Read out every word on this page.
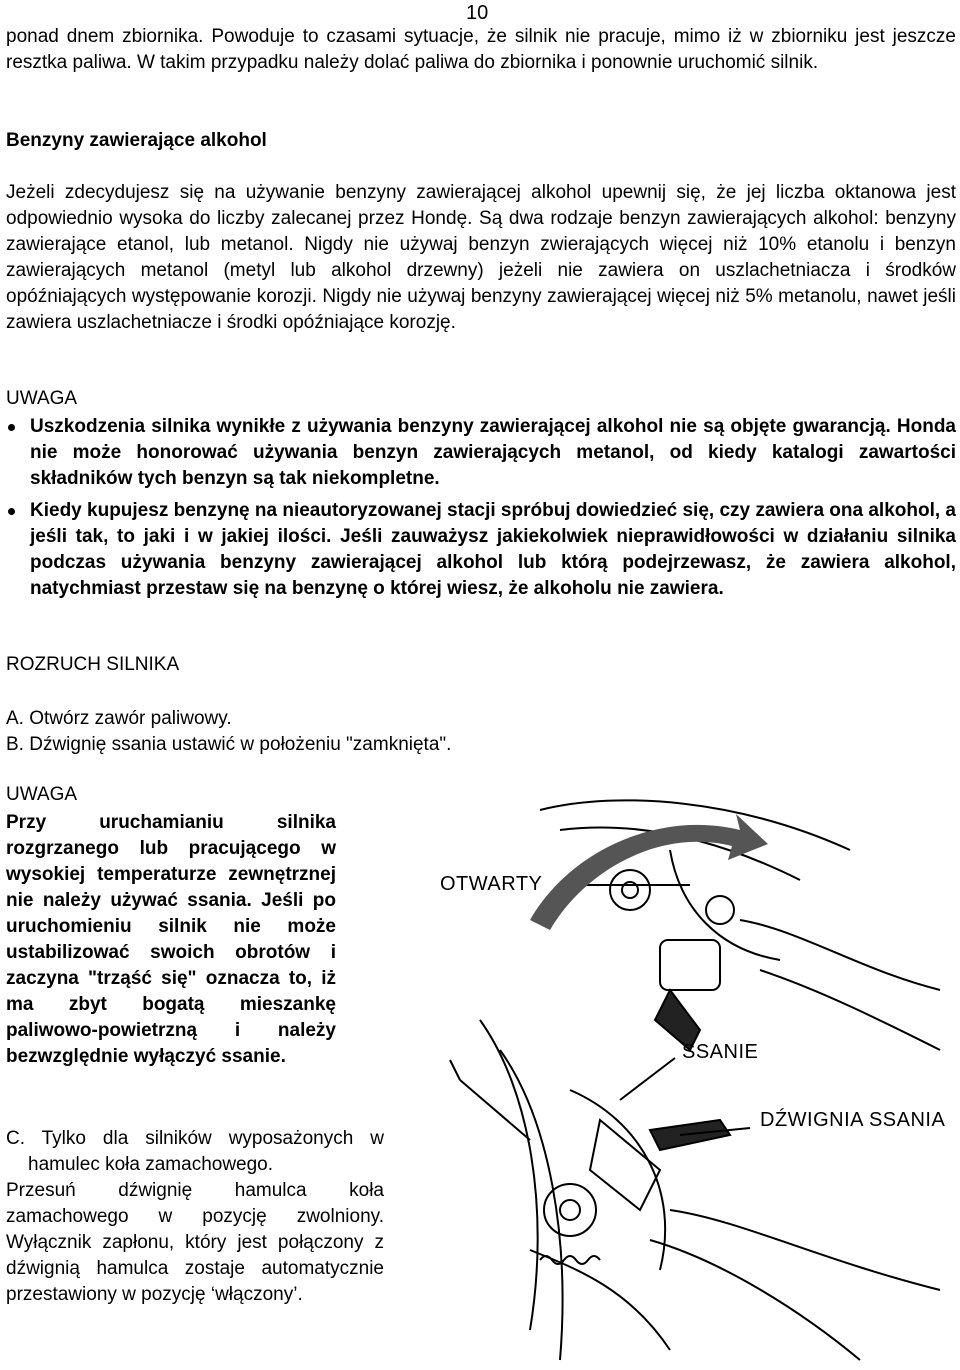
10
ponad dnem zbiornika. Powoduje to czasami sytuacje, że silnik nie pracuje, mimo iż w zbiorniku jest jeszcze resztka paliwa. W takim przypadku należy dolać paliwa do zbiornika i ponownie uruchomić silnik.
Benzyny zawierające alkohol
Jeżeli zdecydujesz się na używanie benzyny zawierającej alkohol upewnij się, że jej liczba oktanowa jest odpowiednio wysoka do liczby zalecanej przez Hondę. Są dwa rodzaje benzyn zawierających alkohol: benzyny zawierające etanol, lub metanol. Nigdy nie używaj benzyn zwierających więcej niż 10% etanolu i benzyn zawierających metanol (metyl lub alkohol drzewny) jeżeli nie zawiera on uszlachetniacza i środków opóźniających występowanie korozji. Nigdy nie używaj benzyny zawierającej więcej niż 5% metanolu, nawet jeśli zawiera uszlachetniacze i środki opóźniające korozję.
UWAGA
Uszkodzenia silnika wynikłe z używania benzyny zawierającej alkohol nie są objęte gwarancją. Honda nie może honorować używania benzyn zawierających metanol, od kiedy katalogi zawartości składników tych benzyn są tak niekompletne.
Kiedy kupujesz benzynę na nieautoryzowanej stacji spróbuj dowiedzieć się, czy zawiera ona alkohol, a jeśli tak, to jaki i w jakiej ilości. Jeśli zauważysz jakiekolwiek nieprawidłowości w działaniu silnika podczas używania benzyny zawierającej alkohol lub którą podejrzewasz, że zawiera alkohol, natychmiast przestaw się na benzynę o której wiesz, że alkoholu nie zawiera.
ROZRUCH SILNIKA
A. Otwórz zawór paliwowy.
B. Dźwignię ssania ustawić w położeniu "zamknięta".
UWAGA
Przy uruchamianiu silnika rozgrzanego lub pracującego w wysokiej temperaturze zewnętrznej nie należy używać ssania. Jeśli po uruchomieniu silnik nie może ustabilizować swoich obrotów i zaczyna "trząść się" oznacza to, iż ma zbyt bogatą mieszankę paliwowo-powietrzną i należy bezwzględnie wyłączyć ssanie.
C. Tylko dla silników wyposażonych w hamulec koła zamachowego.
Przesuń dźwignię hamulca koła zamachowego w pozycję zwolniony. Wyłącznik zapłonu, który jest połączony z dźwignią hamulca zostaje automatycznie przestawiony w pozycję ‘włączony’.
OTWARTY
SSANIE
DŹWIGNIA SSANIA
